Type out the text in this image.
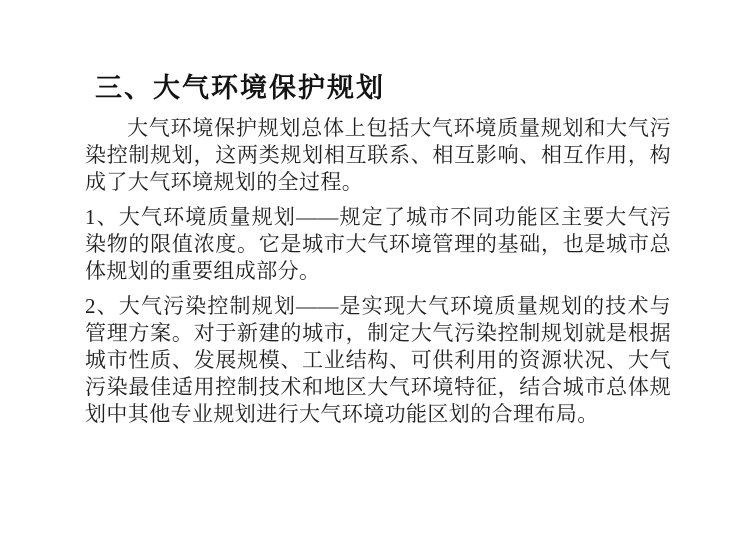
三、大气环境保护规划

大气环境保护规划总体上包括大气环境质量规划和大气污染控制规划，这两类规划相互联系、相互影响、相互作用，构成了大气环境规划的全过程。

1、大气环境质量规划——规定了城市不同功能区主要大气污染物的限值浓度。它是城市大气环境管理的基础，也是城市总体规划的重要组成部分。

2、大气污染控制规划——是实现大气环境质量规划的技术与管理方案。对于新建的城市，制定大气污染控制规划就是根据城市性质、发展规模、工业结构、可供利用的资源状况、大气污染最佳适用控制技术和地区大气环境特征，结合城市总体规划中其他专业规划进行大气环境功能区划的合理布局。
